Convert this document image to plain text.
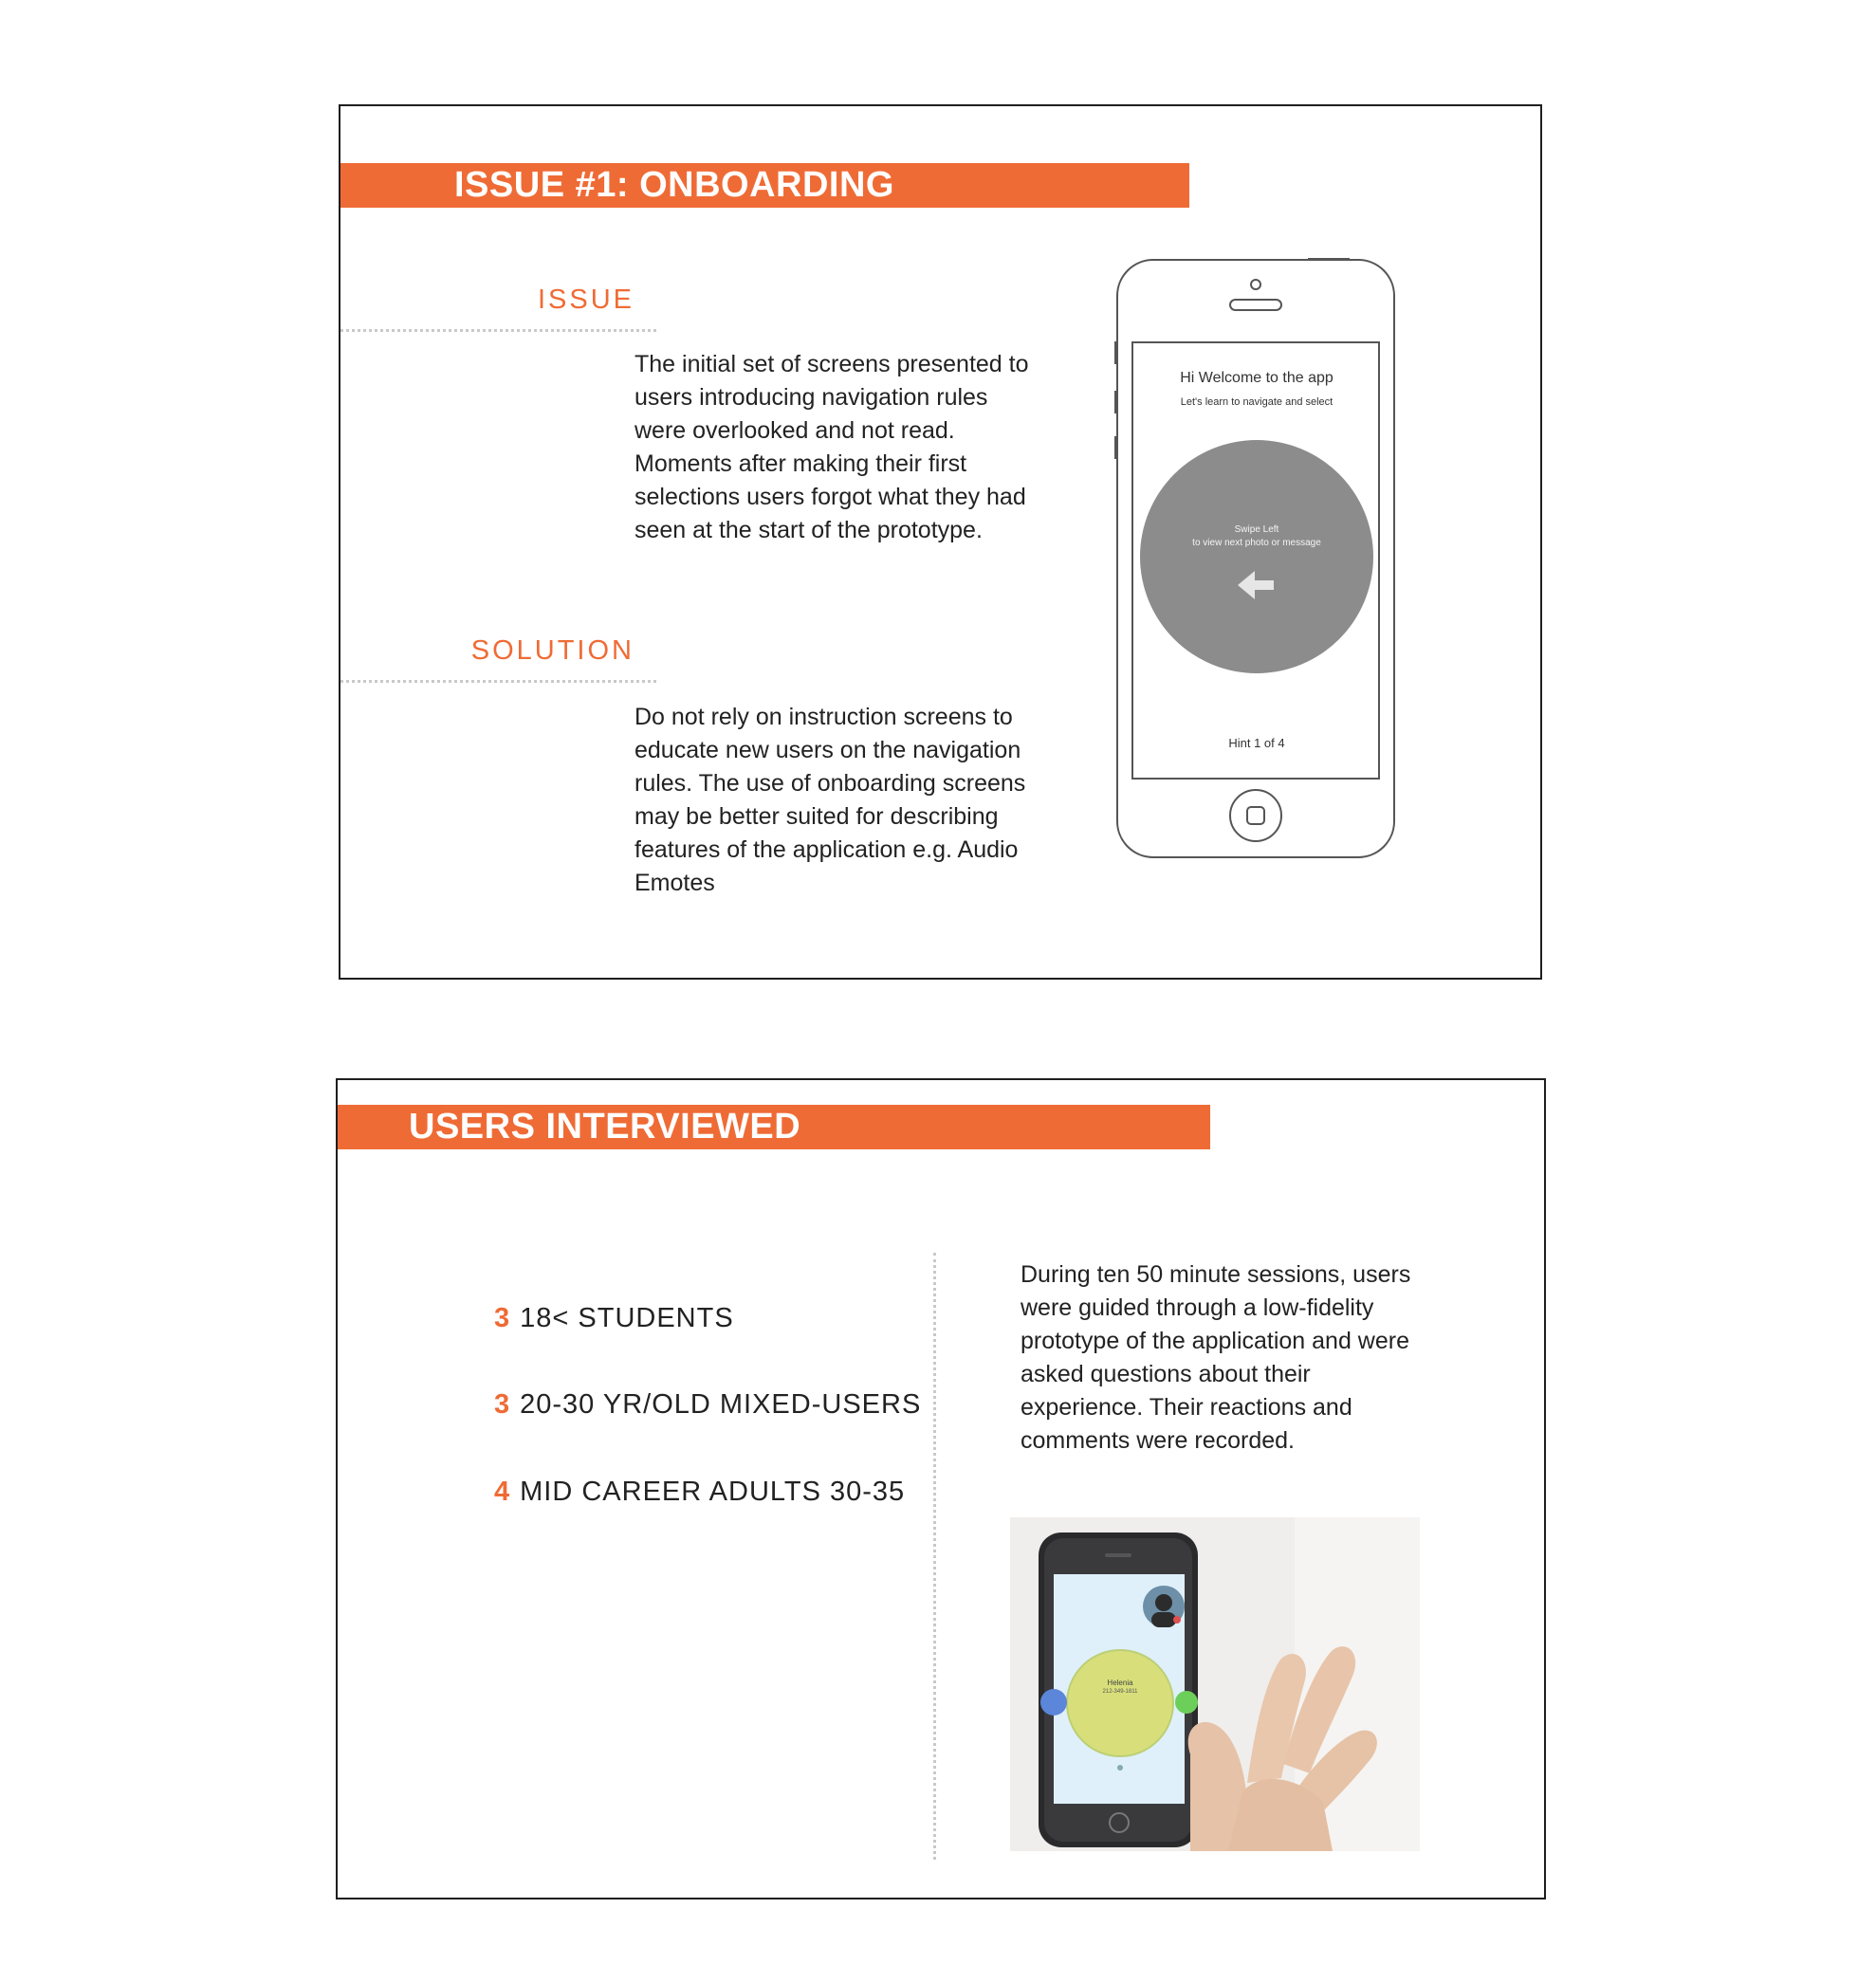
ISSUE #1: ONBOARDING
ISSUE
The initial set of screens presented to users introducing navigation rules were overlooked and not read. Moments after making their first selections users forgot what they had seen at the start of the prototype.
SOLUTION
Do not rely on instruction screens to educate new users on the navigation rules. The use of onboarding screens may be better suited for describing features of the application e.g. Audio Emotes
Hi Welcome to the app
Let's learn to navigate and select
Swipe Left
to view next photo or message
Hint 1 of 4
USERS INTERVIEWED
3 18< STUDENTS
3 20-30 YR/OLD MIXED-USERS
4 MID CAREER ADULTS 30-35
During ten 50 minute sessions, users were guided through a low-fidelity prototype of the application and were asked questions about their experience. Their reactions and comments were recorded.
Helenia
212-349-1811
